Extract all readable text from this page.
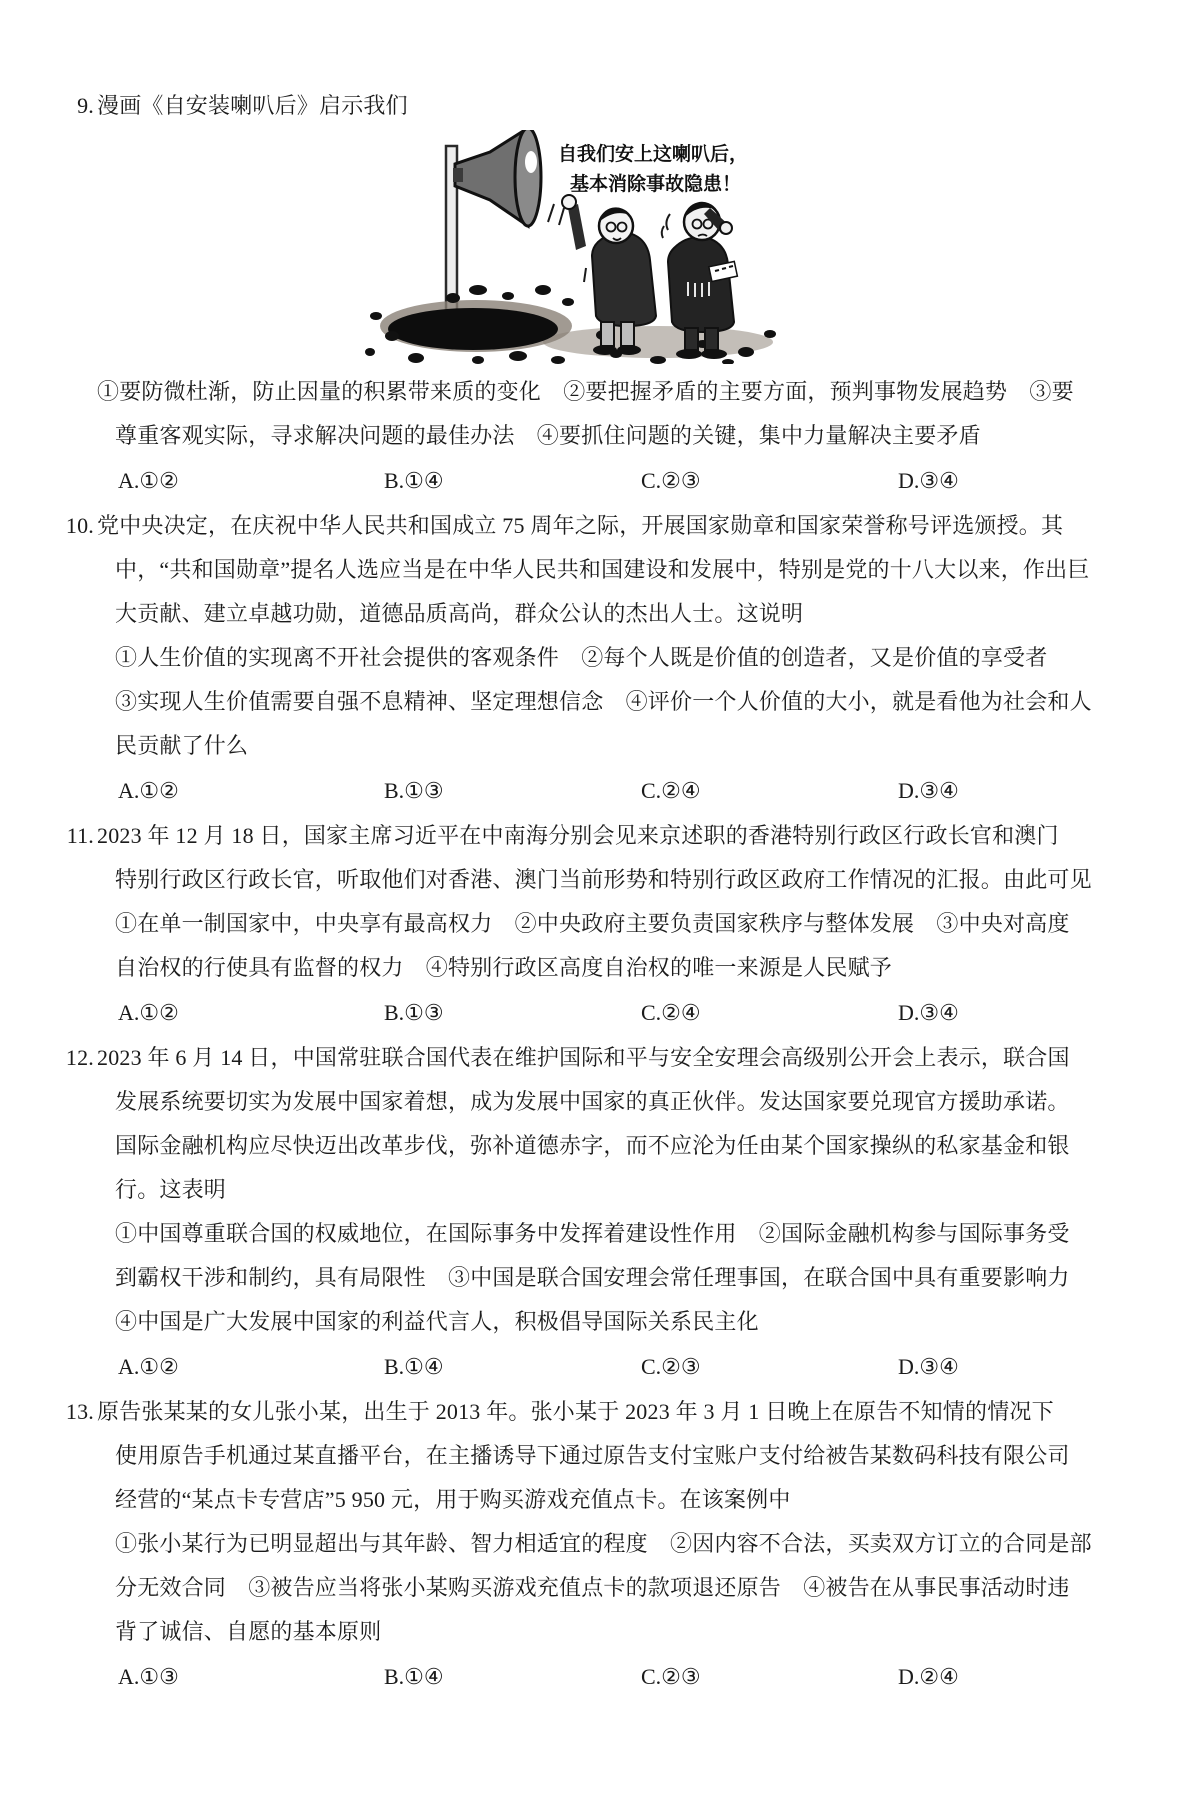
9. 漫画《自安装喇叭后》启示我们
自我们安上这喇叭后，
基本消除事故隐患！
①要防微杜渐，防止因量的积累带来质的变化　②要把握矛盾的主要方面，预判事物发展趋势　③要
尊重客观实际，寻求解决问题的最佳办法　④要抓住问题的关键，集中力量解决主要矛盾
A.①②	B.①④	C.②③	D.③④
10. 党中央决定，在庆祝中华人民共和国成立 75 周年之际，开展国家勋章和国家荣誉称号评选颁授。其
中，“共和国勋章”提名人选应当是在中华人民共和国建设和发展中，特别是党的十八大以来，作出巨
大贡献、建立卓越功勋，道德品质高尚，群众公认的杰出人士。这说明
①人生价值的实现离不开社会提供的客观条件　②每个人既是价值的创造者，又是价值的享受者
③实现人生价值需要自强不息精神、坚定理想信念　④评价一个人价值的大小，就是看他为社会和人
民贡献了什么
A.①②	B.①③	C.②④	D.③④
11. 2023 年 12 月 18 日，国家主席习近平在中南海分别会见来京述职的香港特别行政区行政长官和澳门
特别行政区行政长官，听取他们对香港、澳门当前形势和特别行政区政府工作情况的汇报。由此可见
①在单一制国家中，中央享有最高权力　②中央政府主要负责国家秩序与整体发展　③中央对高度
自治权的行使具有监督的权力　④特别行政区高度自治权的唯一来源是人民赋予
A.①②	B.①③	C.②④	D.③④
12. 2023 年 6 月 14 日，中国常驻联合国代表在维护国际和平与安全安理会高级别公开会上表示，联合国
发展系统要切实为发展中国家着想，成为发展中国家的真正伙伴。发达国家要兑现官方援助承诺。
国际金融机构应尽快迈出改革步伐，弥补道德赤字，而不应沦为任由某个国家操纵的私家基金和银
行。这表明
①中国尊重联合国的权威地位，在国际事务中发挥着建设性作用　②国际金融机构参与国际事务受
到霸权干涉和制约，具有局限性　③中国是联合国安理会常任理事国，在联合国中具有重要影响力
④中国是广大发展中国家的利益代言人，积极倡导国际关系民主化
A.①②	B.①④	C.②③	D.③④
13. 原告张某某的女儿张小某，出生于 2013 年。张小某于 2023 年 3 月 1 日晚上在原告不知情的情况下
使用原告手机通过某直播平台，在主播诱导下通过原告支付宝账户支付给被告某数码科技有限公司
经营的“某点卡专营店”5 950 元，用于购买游戏充值点卡。在该案例中
①张小某行为已明显超出与其年龄、智力相适宜的程度　②因内容不合法，买卖双方订立的合同是部
分无效合同　③被告应当将张小某购买游戏充值点卡的款项退还原告　④被告在从事民事活动时违
背了诚信、自愿的基本原则
A.①③	B.①④	C.②③	D.②④
